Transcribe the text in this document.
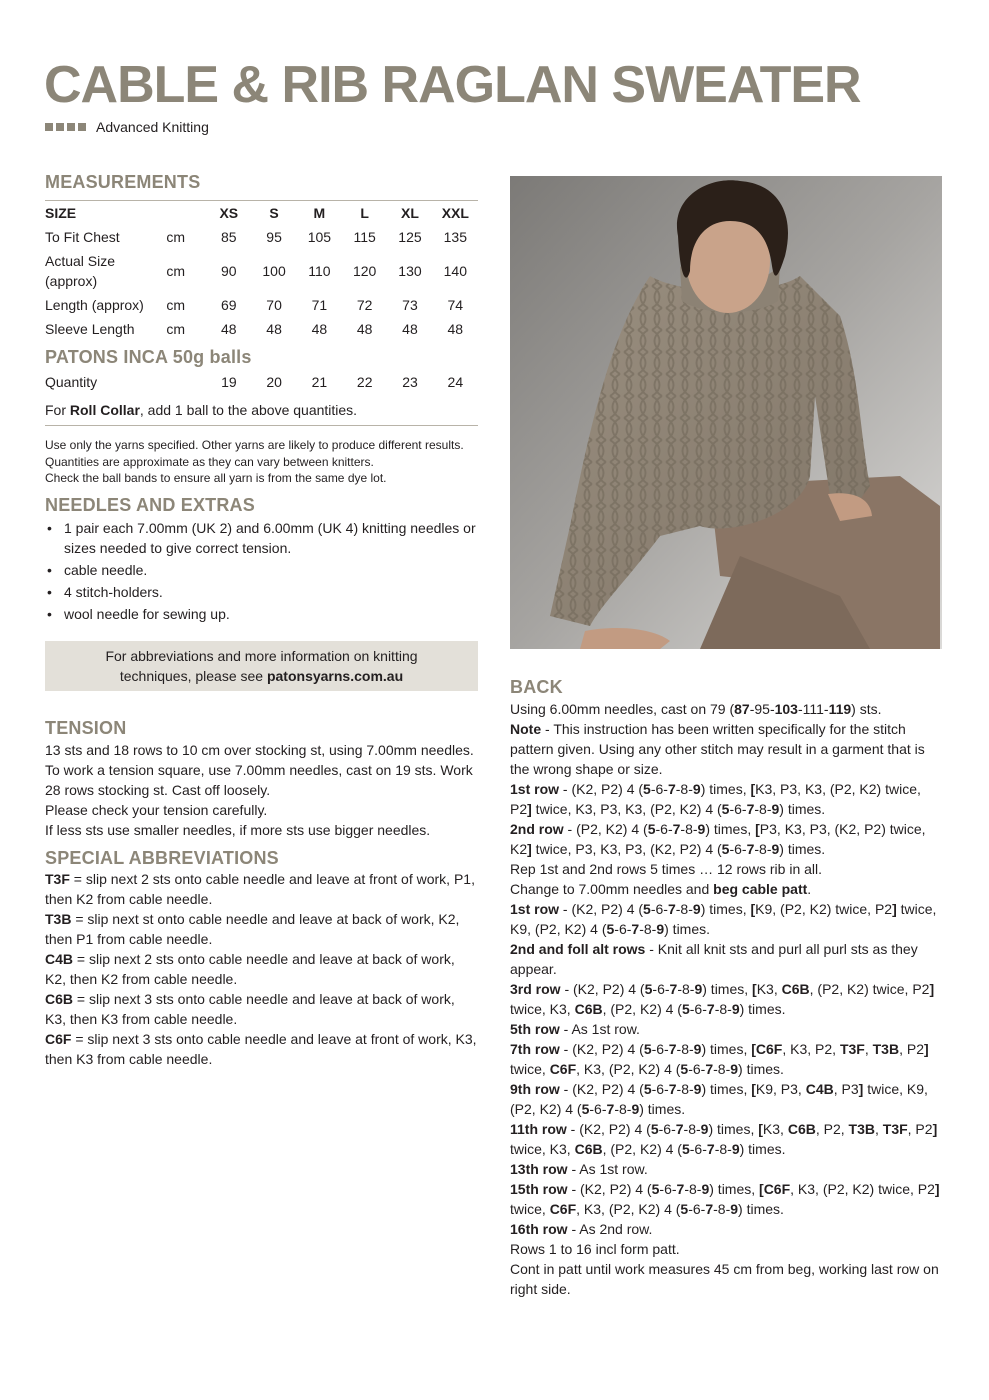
CABLE & RIB RAGLAN SWEATER
Advanced Knitting
MEASUREMENTS
SIZE		XS	S	M	L	XL	XXL
To Fit Chest	cm	85	95	105	115	125	135
Actual Size (approx)	cm	90	100	110	120	130	140
Length (approx)	cm	69	70	71	72	73	74
Sleeve Length	cm	48	48	48	48	48	48
PATONS INCA 50g balls
Quantity		19	20	21	22	23	24
For Roll Collar, add 1 ball to the above quantities.
Use only the yarns specified. Other yarns are likely to produce different results.
Quantities are approximate as they can vary between knitters.
Check the ball bands to ensure all yarn is from the same dye lot.
NEEDLES AND EXTRAS
• 1 pair each 7.00mm (UK 2) and 6.00mm (UK 4) knitting needles or sizes needed to give correct tension.
• cable needle.
• 4 stitch-holders.
• wool needle for sewing up.
For abbreviations and more information on knitting
techniques, please see patonsyarns.com.au
TENSION
13 sts and 18 rows to 10 cm over stocking st, using 7.00mm needles.
To work a tension square, use 7.00mm needles, cast on 19 sts. Work 28 rows stocking st. Cast off loosely.
Please check your tension carefully.
If less sts use smaller needles, if more sts use bigger needles.
SPECIAL ABBREVIATIONS
T3F = slip next 2 sts onto cable needle and leave at front of work, P1, then K2 from cable needle.
T3B = slip next st onto cable needle and leave at back of work, K2, then P1 from cable needle.
C4B = slip next 2 sts onto cable needle and leave at back of work, K2, then K2 from cable needle.
C6B = slip next 3 sts onto cable needle and leave at back of work, K3, then K3 from cable needle.
C6F = slip next 3 sts onto cable needle and leave at front of work, K3, then K3 from cable needle.
BACK

Using 6.00mm needles, cast on 79 (87-95-103-111-119) sts.

Note - This instruction has been written specifically for the stitch pattern given. Using any other stitch may result in a garment that is the wrong shape or size.

1st row - (K2, P2) 4 (5-6-7-8-9) times, [K3, P3, K3, (P2, K2) twice, P2] twice, K3, P3, K3, (P2, K2) 4 (5-6-7-8-9) times.

2nd row - (P2, K2) 4 (5-6-7-8-9) times, [P3, K3, P3, (K2, P2) twice, K2] twice, P3, K3, P3, (K2, P2) 4 (5-6-7-8-9) times.

Rep 1st and 2nd rows 5 times … 12 rows rib in all.

Change to 7.00mm needles and beg cable patt.

1st row - (K2, P2) 4 (5-6-7-8-9) times, [K9, (P2, K2) twice, P2] twice, K9, (P2, K2) 4 (5-6-7-8-9) times.

2nd and foll alt rows - Knit all knit sts and purl all purl sts as they appear.

3rd row - (K2, P2) 4 (5-6-7-8-9) times, [K3, C6B, (P2, K2) twice, P2] twice, K3, C6B, (P2, K2) 4 (5-6-7-8-9) times.

5th row - As 1st row.

7th row - (K2, P2) 4 (5-6-7-8-9) times, [C6F, K3, P2, T3F, T3B, P2] twice, C6F, K3, (P2, K2) 4 (5-6-7-8-9) times.

9th row - (K2, P2) 4 (5-6-7-8-9) times, [K9, P3, C4B, P3] twice, K9, (P2, K2) 4 (5-6-7-8-9) times.

11th row - (K2, P2) 4 (5-6-7-8-9) times, [K3, C6B, P2, T3B, T3F, P2] twice, K3, C6B, (P2, K2) 4 (5-6-7-8-9) times.

13th row - As 1st row.

15th row - (K2, P2) 4 (5-6-7-8-9) times, [C6F, K3, (P2, K2) twice, P2] twice, C6F, K3, (P2, K2) 4 (5-6-7-8-9) times.

16th row - As 2nd row.

Rows 1 to 16 incl form patt.

Cont in patt until work measures 45 cm from beg, working last row on right side.
